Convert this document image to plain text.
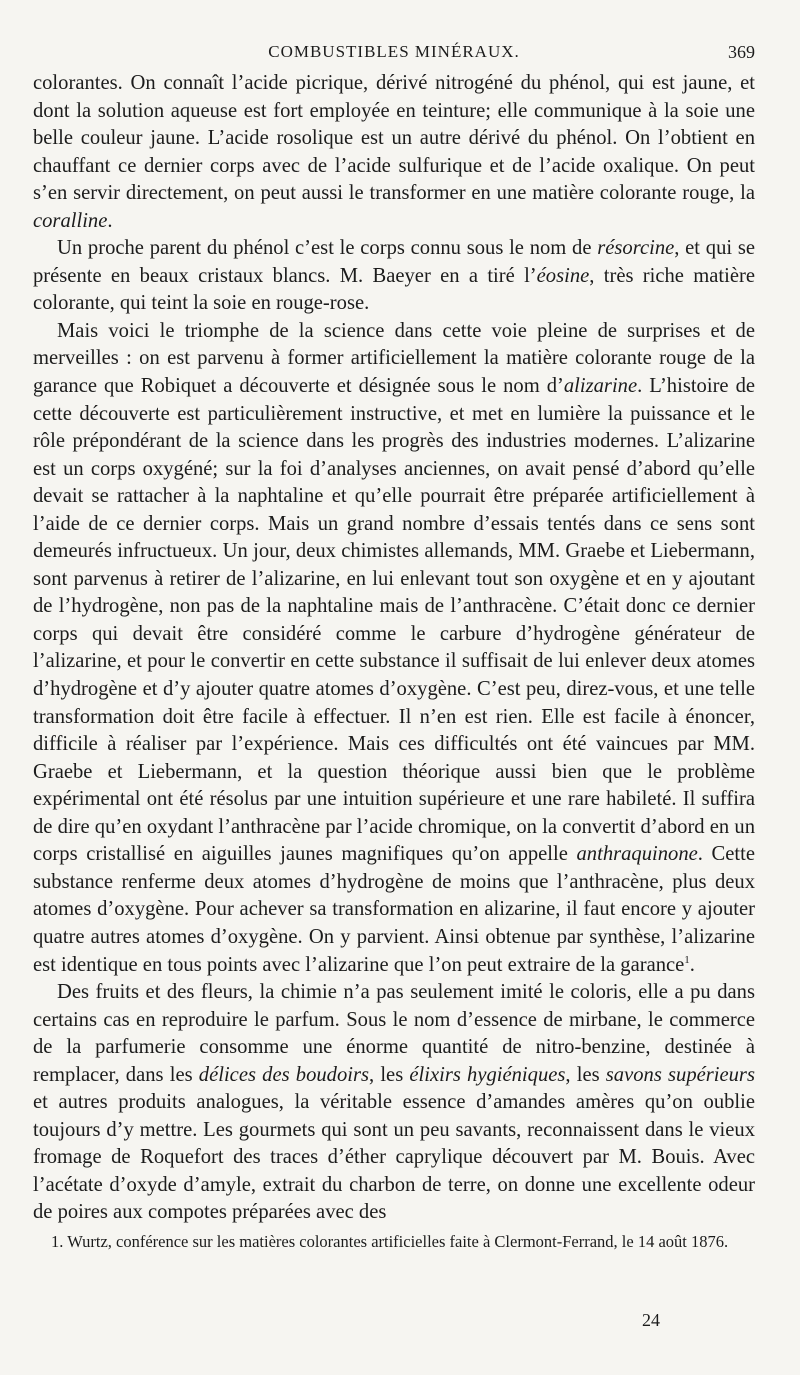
COMBUSTIBLES MINÉRAUX.	369

colorantes. On connaît l’acide picrique, dérivé nitrogéné du phénol, qui est jaune, et dont la solution aqueuse est fort employée en teinture; elle communique à la soie une belle couleur jaune. L’acide rosolique est un autre dérivé du phénol. On l’obtient en chauffant ce dernier corps avec de l’acide sulfurique et de l’acide oxalique. On peut s’en servir directement, on peut aussi le transformer en une matière colorante rouge, la coralline.

Un proche parent du phénol c’est le corps connu sous le nom de résorcine, et qui se présente en beaux cristaux blancs. M. Baeyer en a tiré l’éosine, très riche matière colorante, qui teint la soie en rouge-rose.

Mais voici le triomphe de la science dans cette voie pleine de surprises et de merveilles : on est parvenu à former artificiellement la matière colorante rouge de la garance que Robiquet a découverte et désignée sous le nom d’alizarine. L’histoire de cette découverte est particulièrement instructive, et met en lumière la puissance et le rôle prépondérant de la science dans les progrès des industries modernes. L’alizarine est un corps oxygéné; sur la foi d’analyses anciennes, on avait pensé d’abord qu’elle devait se rattacher à la naphtaline et qu’elle pourrait être préparée artificiellement à l’aide de ce dernier corps. Mais un grand nombre d’essais tentés dans ce sens sont demeurés infructueux. Un jour, deux chimistes allemands, MM. Graebe et Liebermann, sont parvenus à retirer de l’alizarine, en lui enlevant tout son oxygène et en y ajoutant de l’hydrogène, non pas de la naphtaline mais de l’anthracène. C’était donc ce dernier corps qui devait être considéré comme le carbure d’hydrogène générateur de l’alizarine, et pour le convertir en cette substance il suffisait de lui enlever deux atomes d’hydrogène et d’y ajouter quatre atomes d’oxygène. C’est peu, direz-vous, et une telle transformation doit être facile à effectuer. Il n’en est rien. Elle est facile à énoncer, difficile à réaliser par l’expérience. Mais ces difficultés ont été vaincues par MM. Graebe et Liebermann, et la question théorique aussi bien que le problème expérimental ont été résolus par une intuition supérieure et une rare habileté. Il suffira de dire qu’en oxydant l’anthracène par l’acide chromique, on la convertit d’abord en un corps cristallisé en aiguilles jaunes magnifiques qu’on appelle anthraquinone. Cette substance renferme deux atomes d’hydrogène de moins que l’anthracène, plus deux atomes d’oxygène. Pour achever sa transformation en alizarine, il faut encore y ajouter quatre autres atomes d’oxygène. On y parvient. Ainsi obtenue par synthèse, l’alizarine est identique en tous points avec l’alizarine que l’on peut extraire de la garance$^1$.

Des fruits et des fleurs, la chimie n’a pas seulement imité le coloris, elle a pu dans certains cas en reproduire le parfum. Sous le nom d’essence de mirbane, le commerce de la parfumerie consomme une énorme quantité de nitro-benzine, destinée à remplacer, dans les délices des boudoirs, les élixirs hygiéniques, les savons supérieurs et autres produits analogues, la véritable essence d’amandes amères qu’on oublie toujours d’y mettre. Les gourmets qui sont un peu savants, reconnaissent dans le vieux fromage de Roquefort des traces d’éther caprylique découvert par M. Bouis. Avec l’acétate d’oxyde d’amyle, extrait du charbon de terre, on donne une excellente odeur de poires aux compotes préparées avec des

1. Wurtz, conférence sur les matières colorantes artificielles faite à Clermont-Ferrand, le 14 août 1876.
24
